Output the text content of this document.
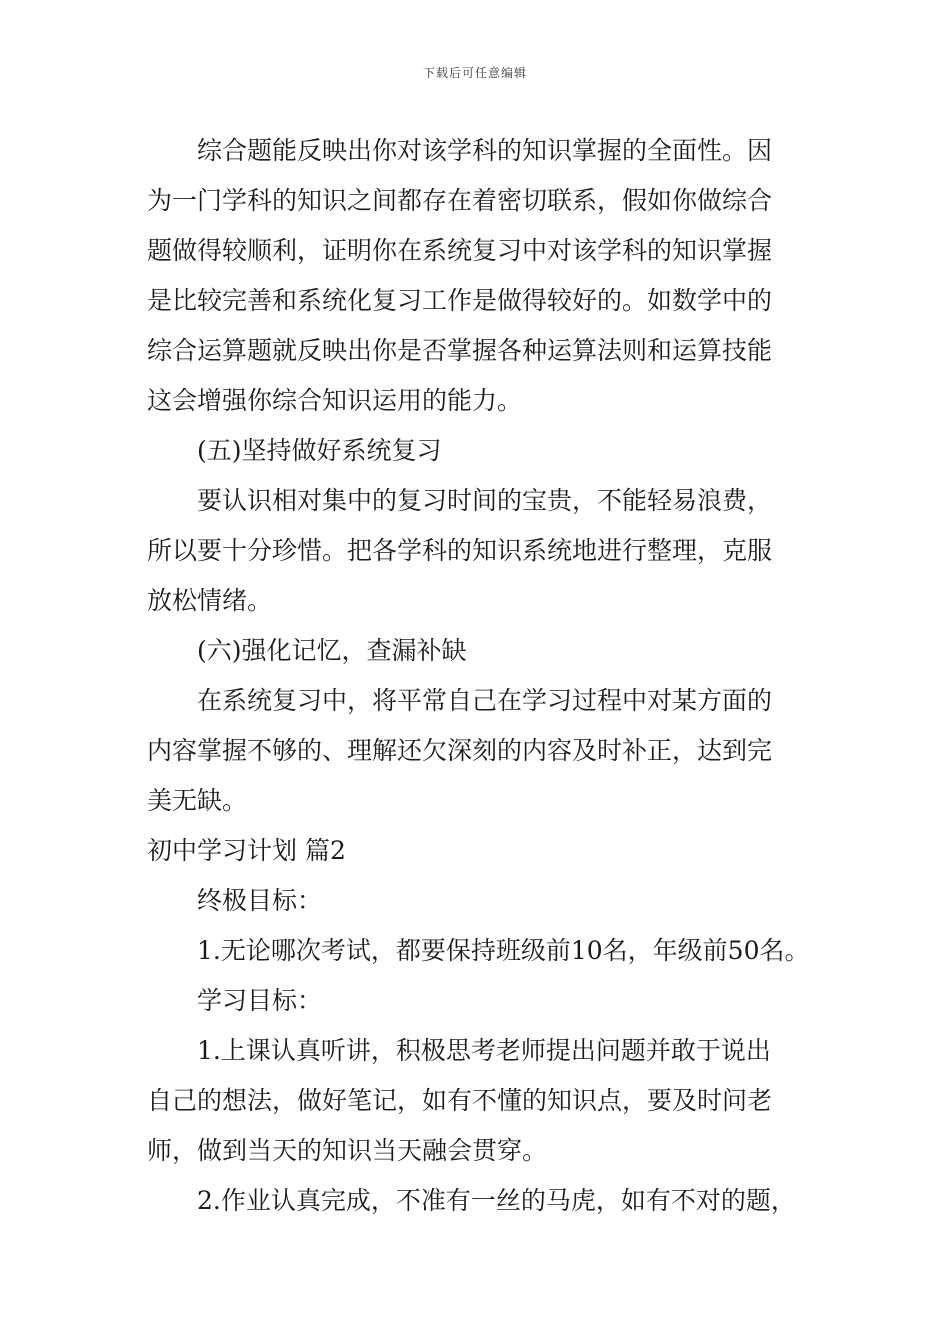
下载后可任意编辑

综合题能反映出你对该学科的知识掌握的全面性。因
为一门学科的知识之间都存在着密切联系，假如你做综合
题做得较顺利，证明你在系统复习中对该学科的知识掌握
是比较完善和系统化复习工作是做得较好的。如数学中的
综合运算题就反映出你是否掌握各种运算法则和运算技能
这会增强你综合知识运用的能力。

(五)坚持做好系统复习

要认识相对集中的复习时间的宝贵，不能轻易浪费，
所以要十分珍惜。把各学科的知识系统地进行整理，克服
放松情绪。

(六)强化记忆，查漏补缺

在系统复习中，将平常自己在学习过程中对某方面的
内容掌握不够的、理解还欠深刻的内容及时补正，达到完
美无缺。

初中学习计划 篇2

终极目标：

1.无论哪次考试，都要保持班级前10名，年级前50名。

学习目标：

1.上课认真听讲，积极思考老师提出问题并敢于说出
自己的想法，做好笔记，如有不懂的知识点，要及时问老
师，做到当天的知识当天融会贯穿。

2.作业认真完成，不准有一丝的马虎，如有不对的题，
